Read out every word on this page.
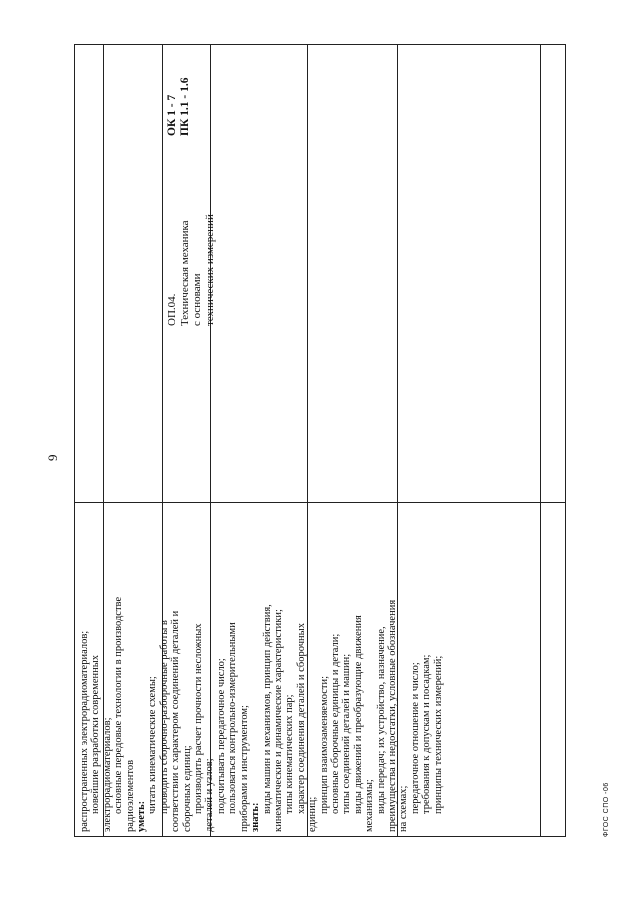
9
ОК 1 - 7 ПК 1.1 - 1.6
ОП.04. Техническая механика с основами технических измерений
распространенных электрорадиоматериалов; новейшие разработки современных электрорадиоматериалов; основные передовые технологии в производстве радиоэлементов уметь:
читать кинематические схемы; проводить сборочно-разборочные работы в соответствии с характером соединений деталей и сборочных единиц; производить расчет прочности несложных деталей и узлов; подсчитывать передаточное число; пользоваться контрольно-измерительными приборами и инструментом; знать:
виды машин и механизмов, принцип действия, кинематические и динамические характеристики; типы кинематических пар; характер соединения деталей и сборочных
единиц;
принцип взаимозаменяемости; основные сборочные единицы и детали; типы соединений деталей и машин; виды движений и преобразующие движения механизмы; виды передач; их устройство, назначение, преимущества и недостатки, условные обозначения на схемах; передаточное отношение и число; требования к допускам и посадкам; принципы технических измерений;	ФГОС СПО -06
